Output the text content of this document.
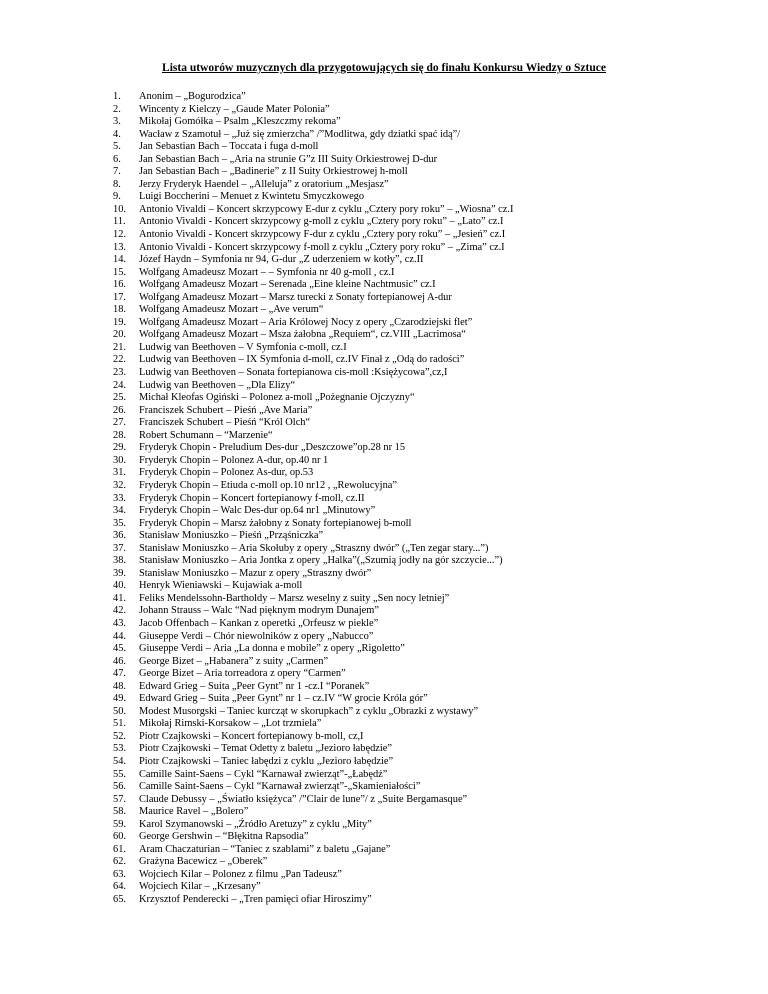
Lista utworów muzycznych dla przygotowujących się do finału Konkursu Wiedzy o Sztuce
1.	Anonim – „Bogurodzica”
2.	Wincenty z Kielczy – „Gaude Mater Polonia”
3.	Mikołaj Gomółka – Psalm „Kleszczmy rekoma”
4.	Wacław z Szamotuł – „Już się zmierzcha” /”Modlitwa, gdy dziatki spać idą”/
5.	Jan Sebastian Bach – Toccata i fuga d-moll
6.	Jan Sebastian Bach – „Aria na strunie G”z III Suity Orkiestrowej D-dur
7.	Jan Sebastian Bach – „Badinerie” z II Suity Orkiestrowej h-moll
8.	Jerzy Fryderyk Haendel – „Alleluja” z oratorium „Mesjasz”
9.	Luigi Boccherini – Menuet z Kwintetu Smyczkowego
10.	Antonio Vivaldi – Koncert skrzypcowy E-dur z cyklu „Cztery pory roku” – „Wiosna” cz.I
11.	Antonio Vivaldi - Koncert skrzypcowy g-moll z cyklu „Cztery pory roku” – „Lato” cz.I
12.	Antonio Vivaldi - Koncert skrzypcowy F-dur z cyklu „Cztery pory roku” – „Jesień” cz.I
13.	Antonio Vivaldi - Koncert skrzypcowy f-moll z cyklu „Cztery pory roku” – „Zima” cz.I
14.	Józef Haydn – Symfonia nr 94, G-dur „Z uderzeniem w kotły”, cz.II
15.	Wolfgang Amadeusz Mozart – – Symfonia nr 40 g-moll , cz.I
16.	Wolfgang Amadeusz Mozart – Serenada „Eine kleine Nachtmusic” cz.I
17.	Wolfgang Amadeusz Mozart – Marsz turecki z Sonaty fortepianowej A-dur
18.	Wolfgang Amadeusz Mozart – „Ave verum“
19.	Wolfgang Amadeusz Mozart – Aria Królowej Nocy z opery „Czarodziejski flet”
20.	Wolfgang Amadeusz Mozart – Msza żałobna „Requiem“, cz.VIII „Lacrimosa“
21.	Ludwig van Beethoven – V Symfonia c-moll, cz.I
22.	Ludwig van Beethoven – IX Symfonia d-moll, cz.IV Finał z „Odą do radości”
23.	Ludwig van Beethoven – Sonata fortepianowa cis-moll :Księżycowa”,cz,I
24.	Ludwig van Beethoven – „Dla Elizy“
25.	Michał Kleofas Ogiński – Polonez a-moll „Pożegnanie Ojczyzny“
26.	Franciszek Schubert – Pieśń „Ave Maria”
27.	Franciszek Schubert – Pieśń “Król Olch“
28.	Robert Schumann – “Marzenie“
29.	Fryderyk Chopin - Preludium Des-dur „Deszczowe”op.28 nr 15
30.	Fryderyk Chopin – Polonez A-dur, op.40 nr 1
31.	Fryderyk Chopin – Polonez As-dur, op.53
32.	Fryderyk Chopin – Etiuda c-moll op.10 nr12 , „Rewolucyjna”
33.	Fryderyk Chopin – Koncert fortepianowy f-moll, cz.II
34.	Fryderyk Chopin – Walc Des-dur op.64 nr1 „Minutowy”
35.	Fryderyk Chopin – Marsz żałobny z Sonaty fortepianowej b-moll
36.	Stanisław Moniuszko – Pieśń „Prząśniczka”
37.	Stanisław Moniuszko – Aria Skołuby z opery „Straszny dwór” („Ten zegar stary...”)
38.	Stanisław Moniuszko – Aria Jontka z opery „Halka”(„Szumią jodły na gór szczycie...”)
39.	Stanisław Moniuszko – Mazur z opery „Straszny dwór”
40.	Henryk Wieniawski – Kujawiak a-moll
41.	Feliks Mendelssohn-Bartholdy – Marsz weselny z suity „Sen nocy letniej”
42.	Johann Strauss – Walc “Nad pięknym modrym Dunajem”
43.	Jacob Offenbach – Kankan z operetki „Orfeusz w piekle”
44.	Giuseppe Verdi – Chór niewolników z opery „Nabucco”
45.	Giuseppe Verdi – Aria „La donna e mobile” z opery „Rigoletto”
46.	George Bizet – „Habanera” z suity „Carmen”
47.	George Bizet – Aria torreadora z opery “Carmen”
48.	Edward Grieg – Suita „Peer Gynt” nr 1 -cz.I “Poranek”
49.	Edward Grieg – Suita „Peer Gynt” nr 1 – cz.IV “W grocie Króla gór”
50.	Modest Musorgski – Taniec kurcząt w skorupkach” z cyklu „Obrazki z wystawy”
51.	Mikołaj Rimski-Korsakow – „Lot trzmiela”
52.	Piotr Czajkowski – Koncert fortepianowy b-moll, cz,I
53.	Piotr Czajkowski – Temat Odetty z baletu „Jezioro łabędzie”
54.	Piotr Czajkowski – Taniec łabędzi z cyklu „Jezioro łabędzie”
55.	Camille Saint-Saens – Cykl “Karnawał zwierząt”-„Łabędź”
56.	Camille Saint-Saens – Cykl “Karnawał zwierząt”-„Skamieniałości”
57.	Claude Debussy – „Światło księżyca” /”Clair de lune”/ z „Suite Bergamasque”
58.	Maurice Ravel – „Bolero”
59.	Karol Szymanowski – „Źródło Aretuzy” z cyklu „Mity”
60.	George Gershwin – “Błękitna Rapsodia”
61.	Aram Chaczaturian – “Taniec z szablami” z baletu „Gajane”
62.	Grażyna Bacewicz – „Oberek”
63.	Wojciech Kilar – Polonez z filmu „Pan Tadeusz”
64.	Wojciech Kilar – „Krzesany”
65.	Krzysztof Penderecki – „Tren pamięci ofiar Hiroszimy”
